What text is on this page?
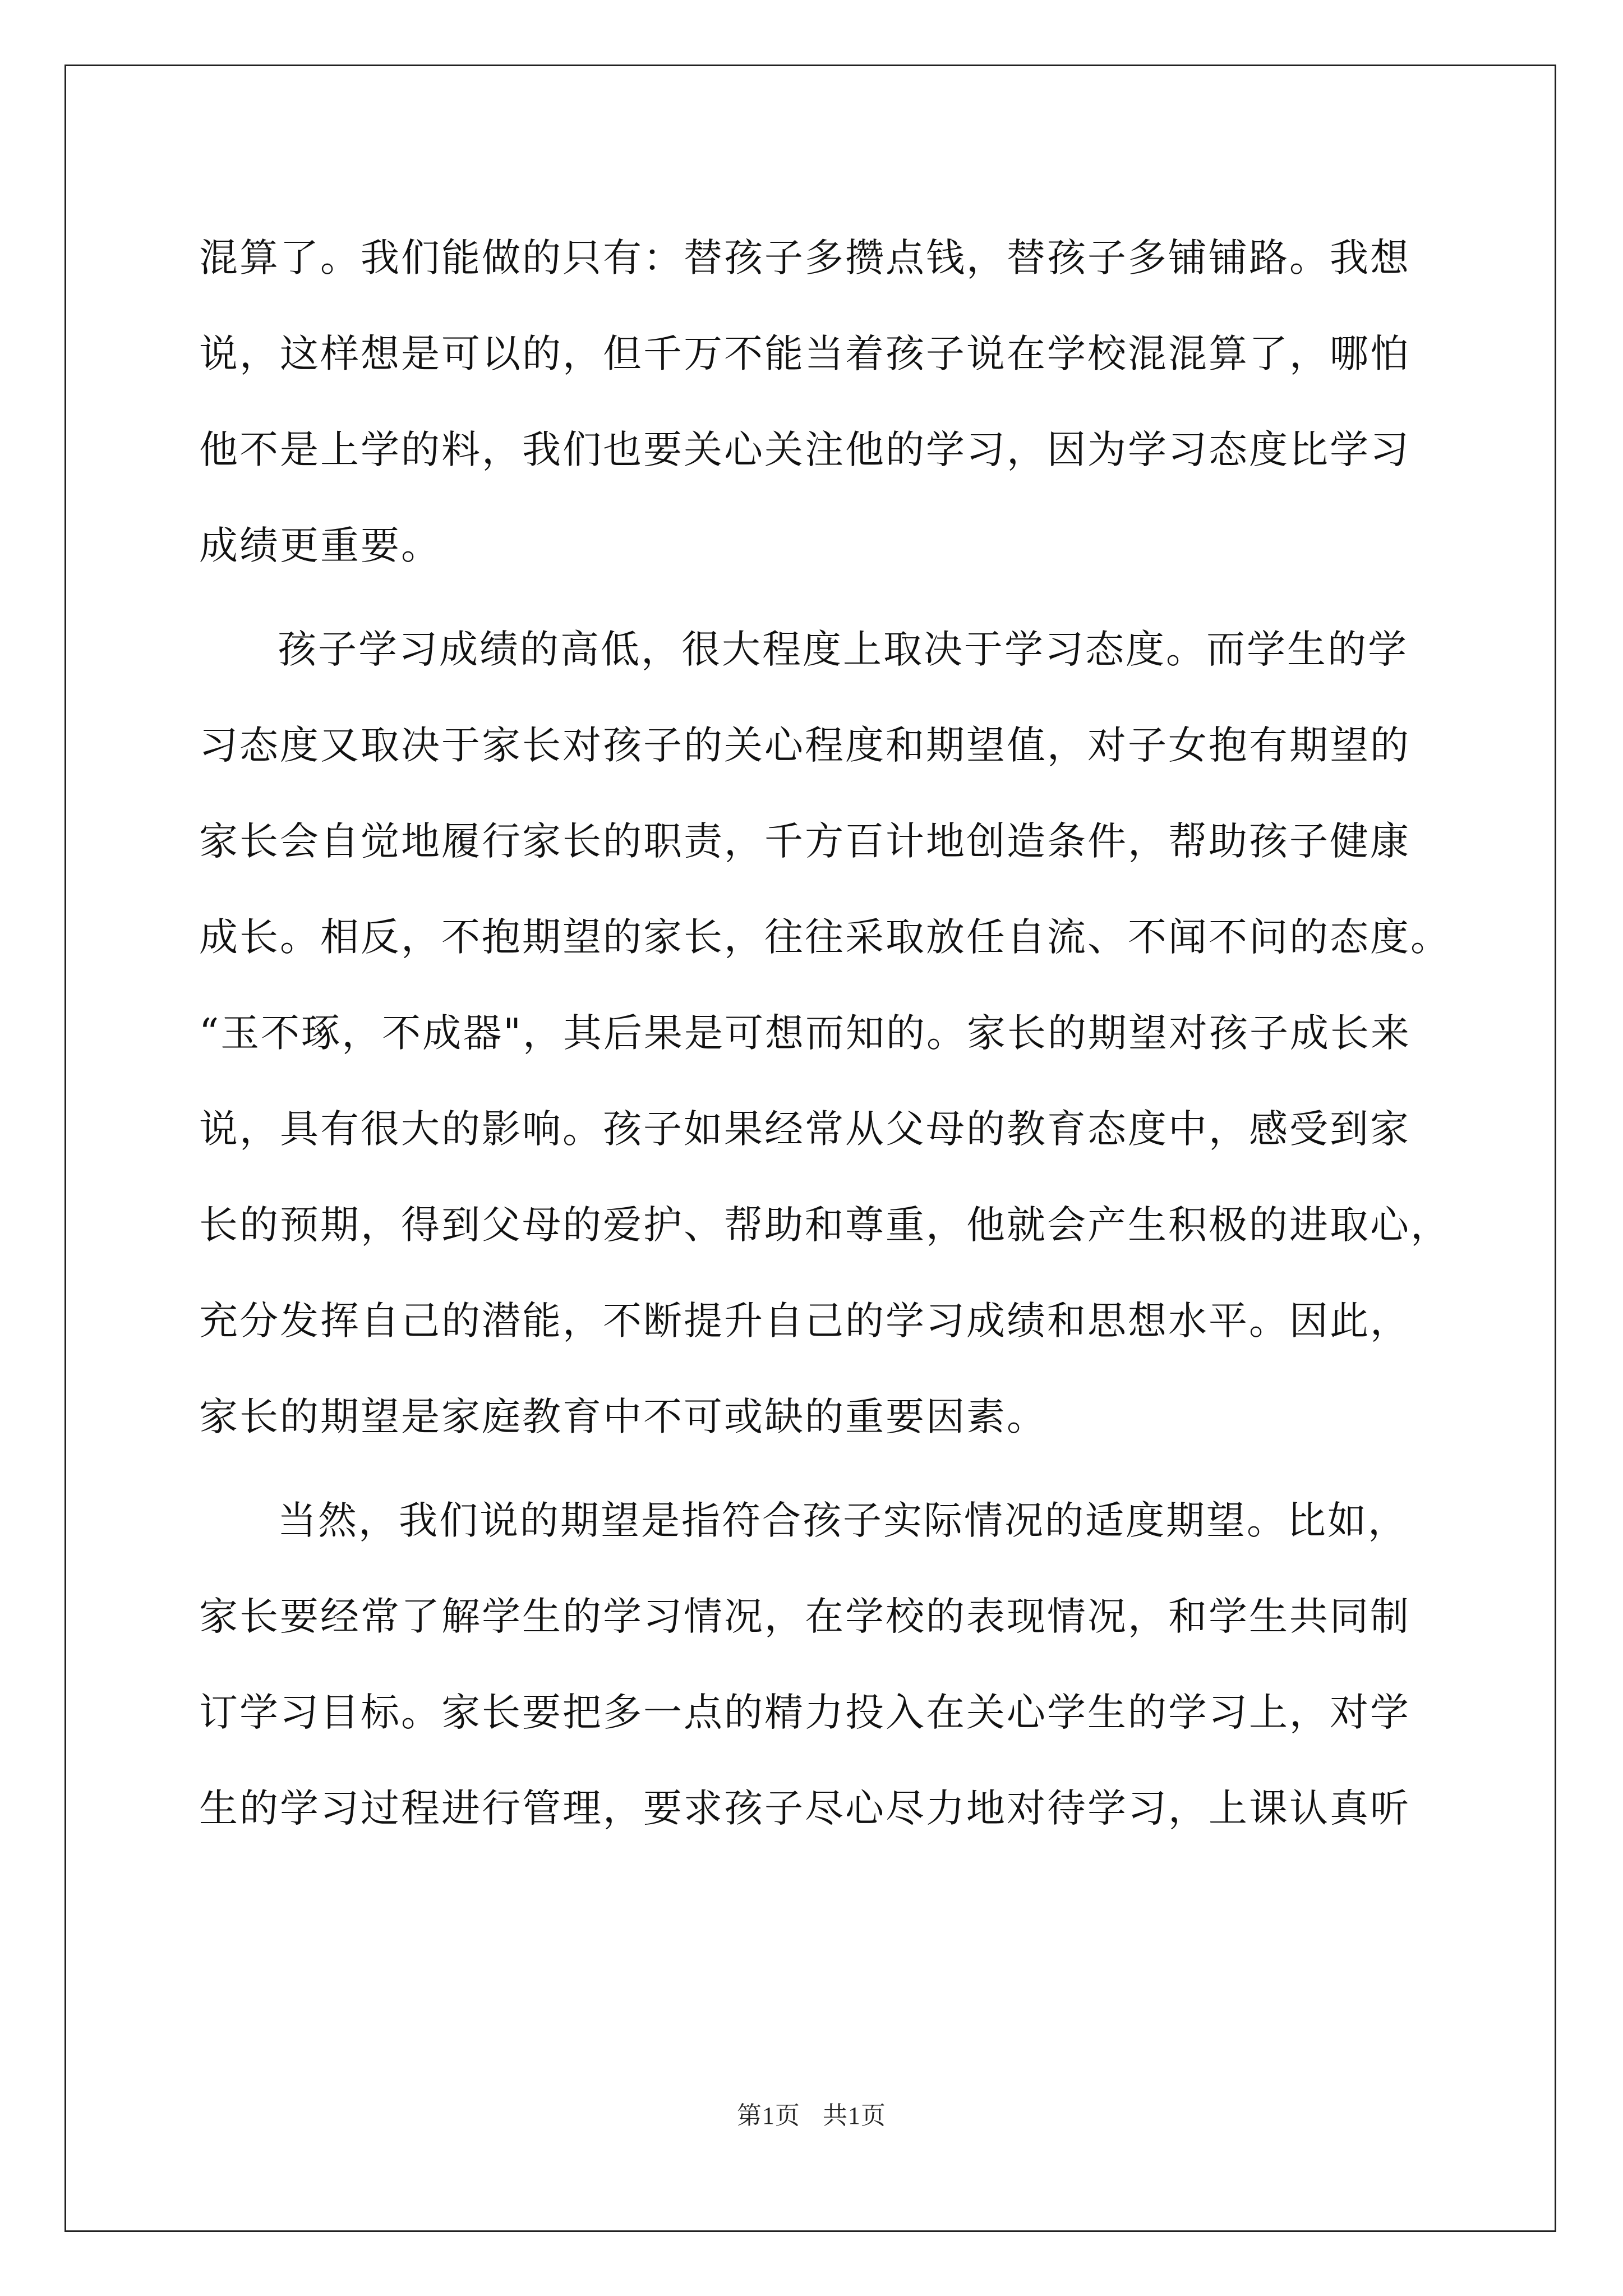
混算了。我们能做的只有：替孩子多攒点钱，替孩子多铺铺路。我想
说，这样想是可以的，但千万不能当着孩子说在学校混混算了，哪怕
他不是上学的料，我们也要关心关注他的学习，因为学习态度比学习
成绩更重要。
孩子学习成绩的高低，很大程度上取决于学习态度。而学生的学
习态度又取决于家长对孩子的关心程度和期望值，对子女抱有期望的
家长会自觉地履行家长的职责，千方百计地创造条件，帮助孩子健康
成长。相反，不抱期望的家长，往往采取放任自流、不闻不问的态度。
“玉不琢，不成器"，其后果是可想而知的。家长的期望对孩子成长来
说，具有很大的影响。孩子如果经常从父母的教育态度中，感受到家
长的预期，得到父母的爱护、帮助和尊重，他就会产生积极的进取心，
充分发挥自己的潜能，不断提升自己的学习成绩和思想水平。因此，
家长的期望是家庭教育中不可或缺的重要因素。
当然，我们说的期望是指符合孩子实际情况的适度期望。比如，
家长要经常了解学生的学习情况，在学校的表现情况，和学生共同制
订学习目标。家长要把多一点的精力投入在关心学生的学习上，对学
生的学习过程进行管理，要求孩子尽心尽力地对待学习，上课认真听
第1页 共1页
